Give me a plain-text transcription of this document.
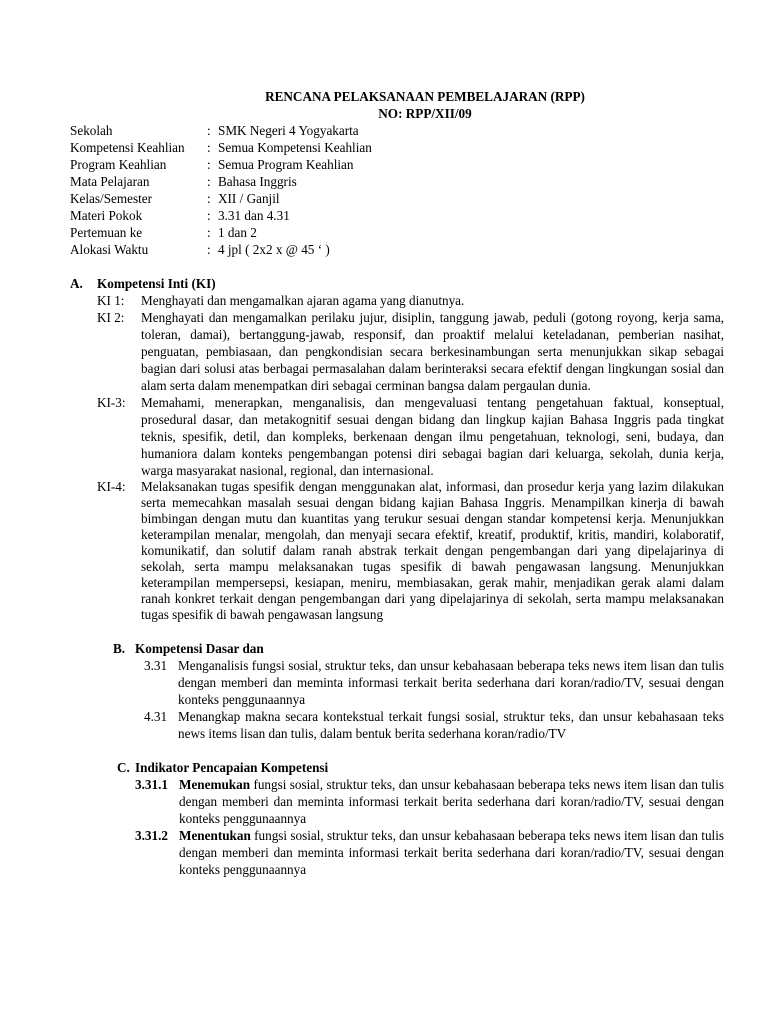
RENCANA PELAKSANAAN PEMBELAJARAN (RPP)

NO: RPP/XII/09

Sekolah	:	SMK Negeri 4 Yogyakarta
Kompetensi Keahlian	:	Semua Kompetensi Keahlian
Program Keahlian	:	Semua Program Keahlian
Mata Pelajaran	:	Bahasa Inggris
Kelas/Semester	:	XII / Ganjil
Materi Pokok	:	3.31 dan 4.31
Pertemuan ke	:	1 dan 2
Alokasi Waktu	:	4 jpl ( 2x2 x @ 45 ‘ )
A.	Kompetensi Inti (KI)
KI 1:	Menghayati dan mengamalkan ajaran agama yang dianutnya.
KI 2:	Menghayati dan mengamalkan perilaku jujur, disiplin, tanggung jawab, peduli (gotong royong, kerja sama, toleran, damai), bertanggung-jawab, responsif, dan proaktif melalui keteladanan, pemberian nasihat, penguatan, pembiasaan, dan pengkondisian secara berkesinambungan serta menunjukkan sikap sebagai bagian dari solusi atas berbagai permasalahan dalam berinteraksi secara efektif dengan lingkungan sosial dan alam serta dalam menempatkan diri sebagai cerminan bangsa dalam pergaulan dunia.
KI-3:	Memahami, menerapkan, menganalisis, dan mengevaluasi tentang pengetahuan faktual, konseptual, prosedural dasar, dan metakognitif sesuai dengan bidang dan lingkup kajian Bahasa Inggris pada tingkat teknis, spesifik, detil, dan kompleks, berkenaan dengan ilmu pengetahuan, teknologi, seni, budaya, dan humaniora dalam konteks pengembangan potensi diri sebagai bagian dari keluarga, sekolah, dunia kerja, warga masyarakat nasional, regional, dan internasional.
KI-4:	Melaksanakan tugas spesifik dengan menggunakan alat, informasi, dan prosedur kerja yang lazim dilakukan serta memecahkan masalah sesuai dengan bidang kajian Bahasa Inggris. Menampilkan kinerja di bawah bimbingan dengan mutu dan kuantitas yang terukur sesuai dengan standar kompetensi kerja. Menunjukkan keterampilan menalar, mengolah, dan menyaji secara efektif, kreatif, produktif, kritis, mandiri, kolaboratif, komunikatif, dan solutif dalam ranah abstrak terkait dengan pengembangan dari yang dipelajarinya di sekolah, serta mampu melaksanakan tugas spesifik di bawah pengawasan langsung. Menunjukkan keterampilan mempersepsi, kesiapan, meniru, membiasakan, gerak mahir, menjadikan gerak alami dalam ranah konkret terkait dengan pengembangan dari yang dipelajarinya di sekolah, serta mampu melaksanakan tugas spesifik di bawah pengawasan langsung
B. Kompetensi Dasar dan
3.31 Menganalisis fungsi sosial, struktur teks, dan unsur kebahasaan beberapa teks news item lisan dan tulis dengan memberi dan meminta informasi terkait berita sederhana dari koran/radio/TV, sesuai dengan konteks penggunaannya
4.31 Menangkap makna secara kontekstual terkait fungsi sosial, struktur teks, dan unsur kebahasaan teks news items lisan dan tulis, dalam bentuk berita sederhana koran/radio/TV
C. Indikator Pencapaian Kompetensi
3.31.1 Menemukan fungsi sosial, struktur teks, dan unsur kebahasaan beberapa teks news item lisan dan tulis dengan memberi dan meminta informasi terkait berita sederhana dari koran/radio/TV, sesuai dengan konteks penggunaannya
3.31.2 Menentukan fungsi sosial, struktur teks, dan unsur kebahasaan beberapa teks news item lisan dan tulis dengan memberi dan meminta informasi terkait berita sederhana dari koran/radio/TV, sesuai dengan konteks penggunaannya
